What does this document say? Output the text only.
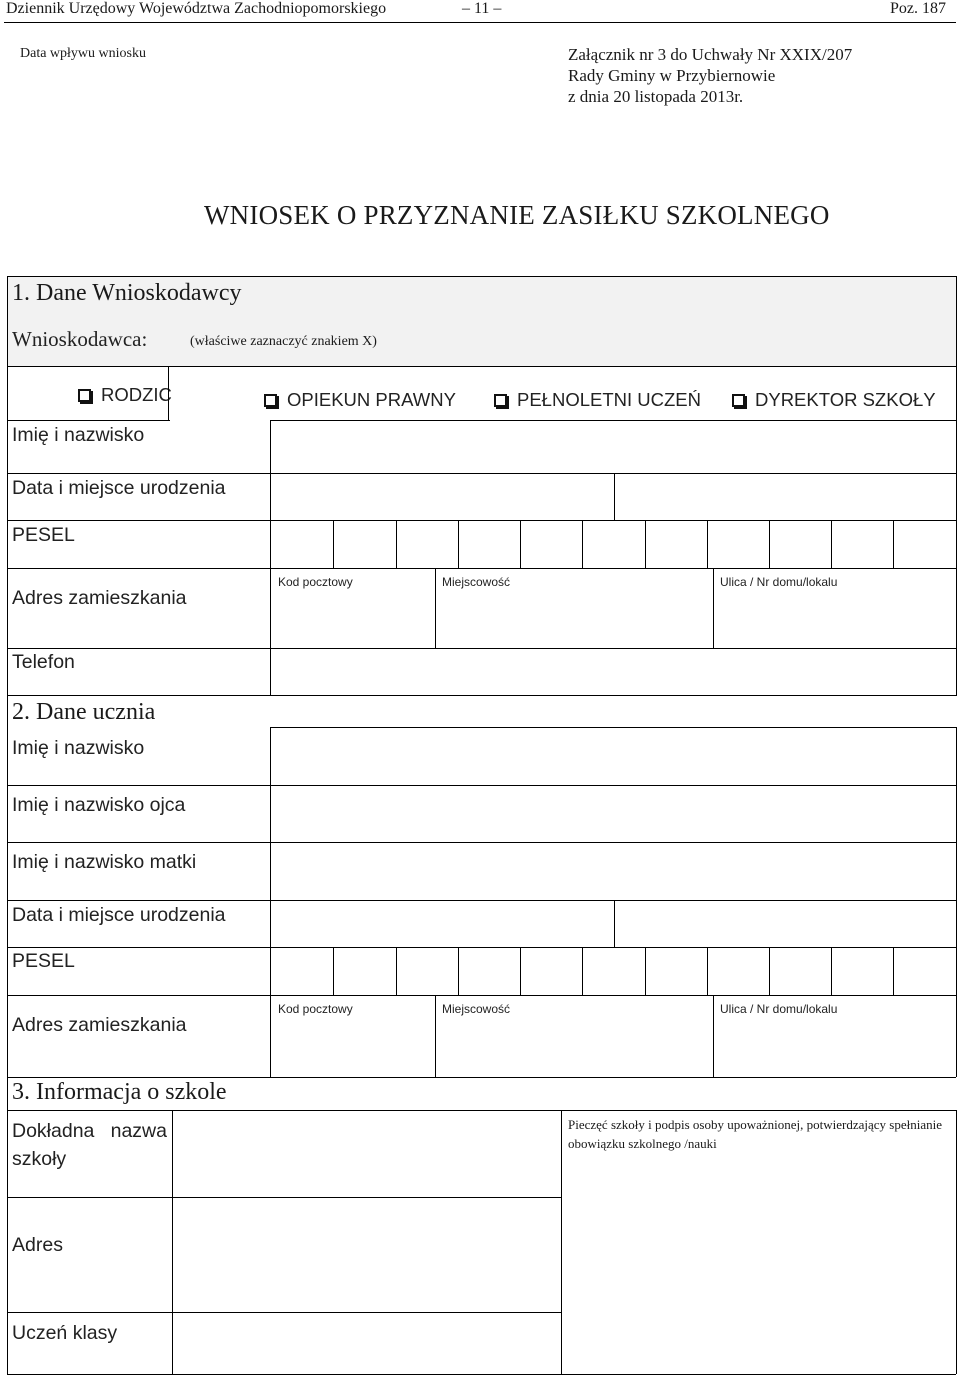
Dziennik Urzędowy Województwa Zachodniopomorskiego	– 11 –	Poz. 187
Data wpływu wniosku	Załącznik nr 3 do Uchwały Nr XXIX/207
Rady Gminy w Przybiernowie
z dnia 20 listopada 2013r.
WNIOSEK O PRZYZNANIE ZASIŁKU SZKOLNEGO
1. Dane Wnioskodawcy
Wnioskodawca:	(właściwe zaznaczyć znakiem X)
RODZIC	OPIEKUN PRAWNY	PEŁNOLETNI UCZEŃ	DYREKTOR SZKOŁY
Imię i nazwisko
Data i miejsce urodzenia
PESEL
Adres zamieszkania
Kod pocztowy	Miejscowość	Ulica / Nr domu/lokalu
Telefon
2. Dane ucznia
Imię i nazwisko
Imię i nazwisko ojca
Imię i nazwisko matki
Data i miejsce urodzenia
PESEL
Adres zamieszkania
Kod pocztowy	Miejscowość	Ulica / Nr domu/lokalu
3. Informacja o szkole
Dokładna nazwa szkoły
Pieczęć szkoły i podpis osoby upoważnionej, potwierdzający spełnianie obowiązku szkolnego /nauki
Adres
Uczeń klasy
